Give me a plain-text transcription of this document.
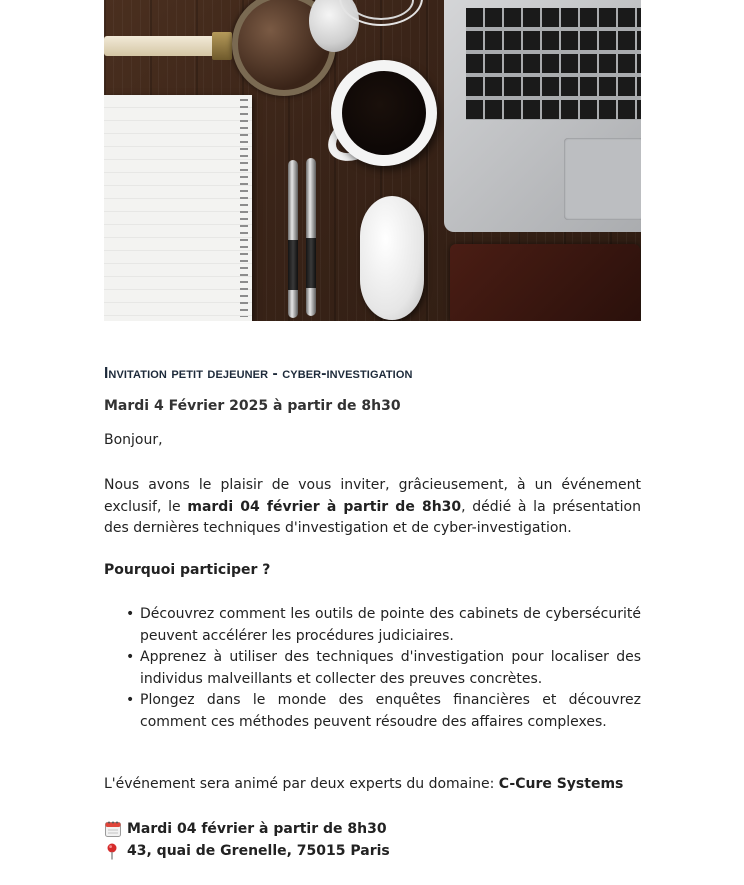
Invitation petit dejeuner - cyber-investigation

Mardi 4 Février 2025 à partir de 8h30

Bonjour,

Nous avons le plaisir de vous inviter, grâcieusement, à un événement exclusif, le mardi 04 février à partir de 8h30, dédié à la présentation des dernières techniques d'investigation et de cyber-investigation.

Pourquoi participer ?

• Découvrez comment les outils de pointe des cabinets de cybersécurité peuvent accélérer les procédures judiciaires.
• Apprenez à utiliser des techniques d'investigation pour localiser des individus malveillants et collecter des preuves concrètes.
• Plongez dans le monde des enquêtes financières et découvrez comment ces méthodes peuvent résoudre des affaires complexes.

L'événement sera animé par deux experts du domaine: C-Cure Systems

Mardi 04 février à partir de 8h30

43, quai de Grenelle, 75015 Paris
